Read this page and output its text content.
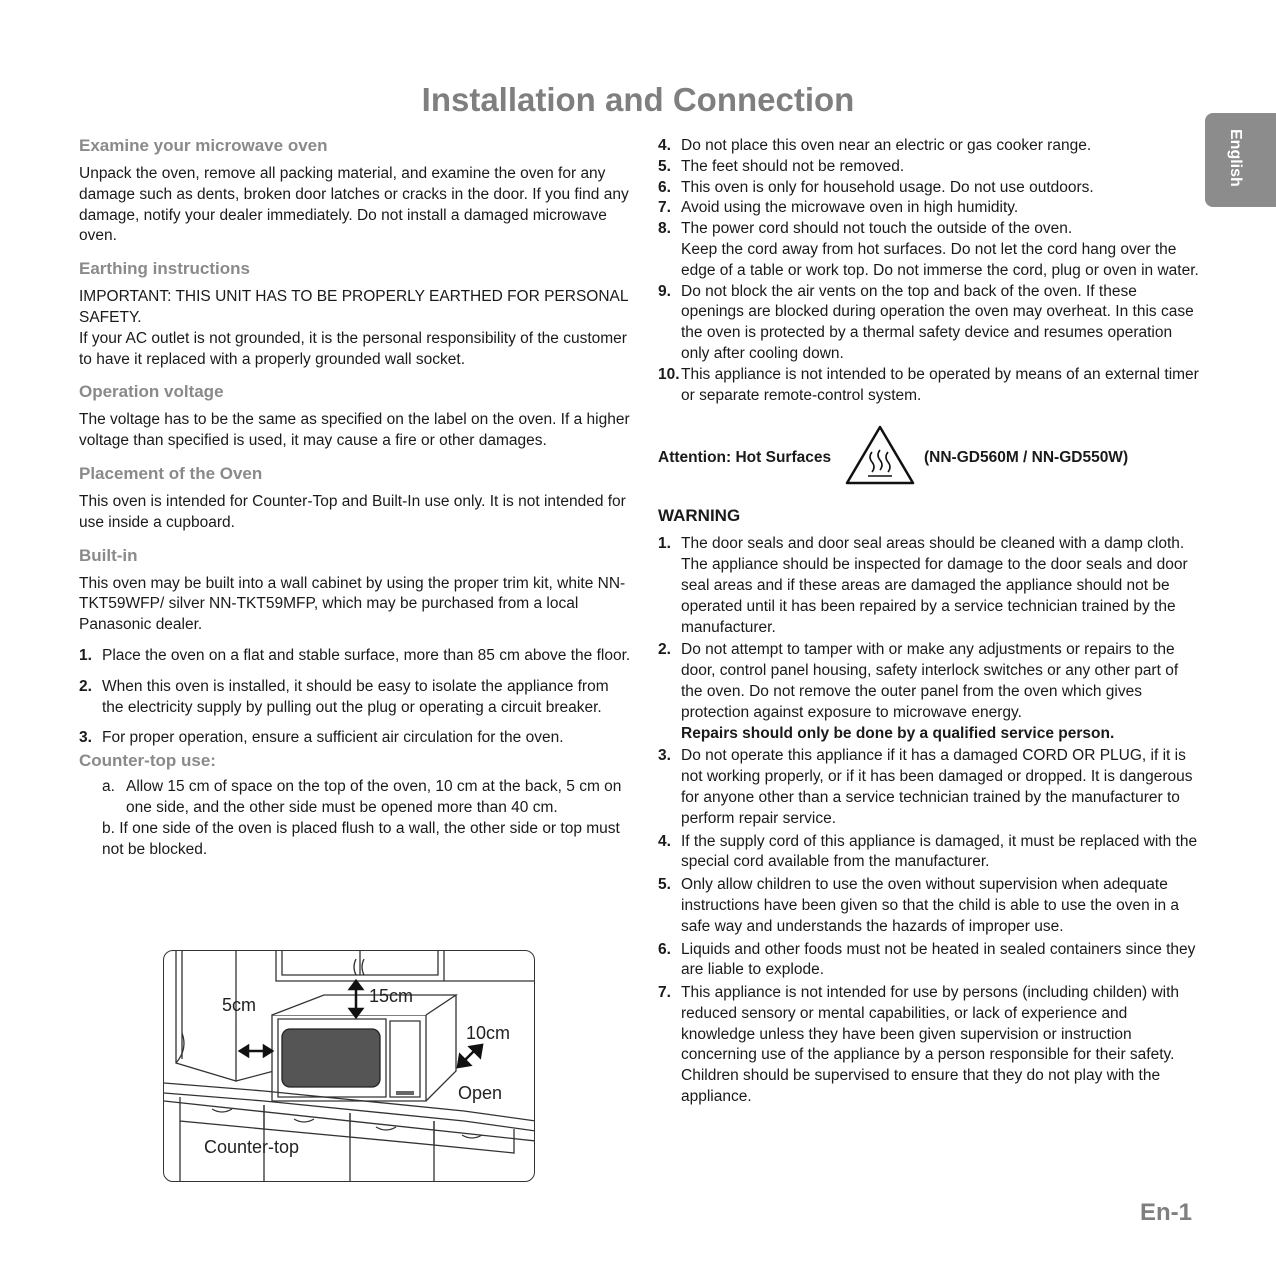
Installation and Connection
English
Examine your microwave oven

Unpack the oven, remove all packing material, and examine the oven for any damage such as dents, broken door latches or cracks in the door. If you find any damage, notify your dealer immediately. Do not install a damaged microwave oven.

Earthing instructions

IMPORTANT: THIS UNIT HAS TO BE PROPERLY EARTHED FOR PERSONAL SAFETY.

If your AC outlet is not grounded, it is the personal responsibility of the customer to have it replaced with a properly grounded wall socket.

Operation voltage

The voltage has to be the same as specified on the label on the oven. If a higher voltage than specified is used, it may cause a fire or other damages.

Placement of the Oven

This oven is intended for Counter-Top and Built-In use only. It is not intended for use inside a cupboard.

Built-in

This oven may be built into a wall cabinet by using the proper trim kit, white NN-TKT59WFP/ silver NN-TKT59MFP, which may be purchased from a local Panasonic dealer.

1. Place the oven on a flat and stable surface, more than 85 cm above the floor.
2. When this oven is installed, it should be easy to isolate the appliance from the electricity supply by pulling out the plug or operating a circuit breaker.
3. For proper operation, ensure a sufficient air circulation for the oven.
Counter-top use:
a. Allow 15 cm of space on the top of the oven, 10 cm at the back, 5 cm on one side, and the other side must be opened more than 40 cm.
b. If one side of the oven is placed flush to a wall, the other side or top must not be blocked.
5cm	15cm
10cm
Open
Counter-top
4. Do not place this oven near an electric or gas cooker range.
5. The feet should not be removed.
6. This oven is only for household usage. Do not use outdoors.
7. Avoid using the microwave oven in high humidity.
8. The power cord should not touch the outside of the oven.
Keep the cord away from hot surfaces. Do not let the cord hang over the edge of a table or work top. Do not immerse the cord, plug or oven in water.
9. Do not block the air vents on the top and back of the oven. If these openings are blocked during operation the oven may overheat. In this case the oven is protected by a thermal safety device and resumes operation only after cooling down.
10. This appliance is not intended to be operated by means of an external timer or separate remote-control system.
Attention: Hot Surfaces	(NN-GD560M / NN-GD550W)
WARNING
1. The door seals and door seal areas should be cleaned with a damp cloth.
The appliance should be inspected for damage to the door seals and door seal areas and if these areas are damaged the appliance should not be operated until it has been repaired by a service technician trained by the manufacturer.
2. Do not attempt to tamper with or make any adjustments or repairs to the door, control panel housing, safety interlock switches or any other part of the oven. Do not remove the outer panel from the oven which gives protection against exposure to microwave energy.
Repairs should only be done by a qualified service person.
3. Do not operate this appliance if it has a damaged CORD OR PLUG, if it is not working properly, or if it has been damaged or dropped. It is dangerous for anyone other than a service technician trained by the manufacturer to perform repair service.
4. If the supply cord of this appliance is damaged, it must be replaced with the special cord available from the manufacturer.
5. Only allow children to use the oven without supervision when adequate instructions have been given so that the child is able to use the oven in a safe way and understands the hazards of improper use.
6. Liquids and other foods must not be heated in sealed containers since they are liable to explode.
7. This appliance is not intended for use by persons (including childen) with reduced sensory or mental capabilities, or lack of experience and knowledge unless they have been given supervision or instruction concerning use of the appliance by a person responsible for their safety. Children should be supervised to ensure that they do not play with the appliance.
En-1
